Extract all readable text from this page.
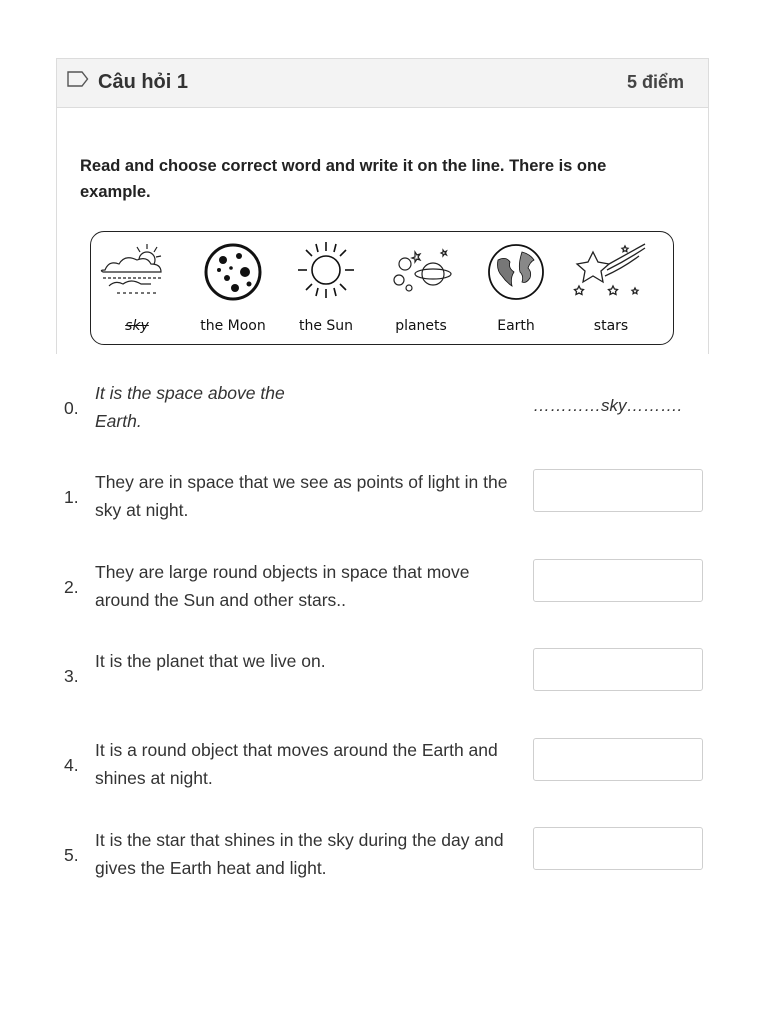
Câu hỏi 1	5 điểm
Read and choose correct word and write it on the line. There is one example.
sky	the Moon	the Sun	planets	Earth	stars
0.
It is the space above the Earth.
…………sky……….
1.
They are in space that we see as points of light in the sky at night.
2.
They are large round objects in space that move around the Sun and other stars..
3.
It is the planet that we live on.
4.
It is a round object that moves around the Earth and shines at night.
5.
It is the star that shines in the sky during the day and gives the Earth heat and light.
